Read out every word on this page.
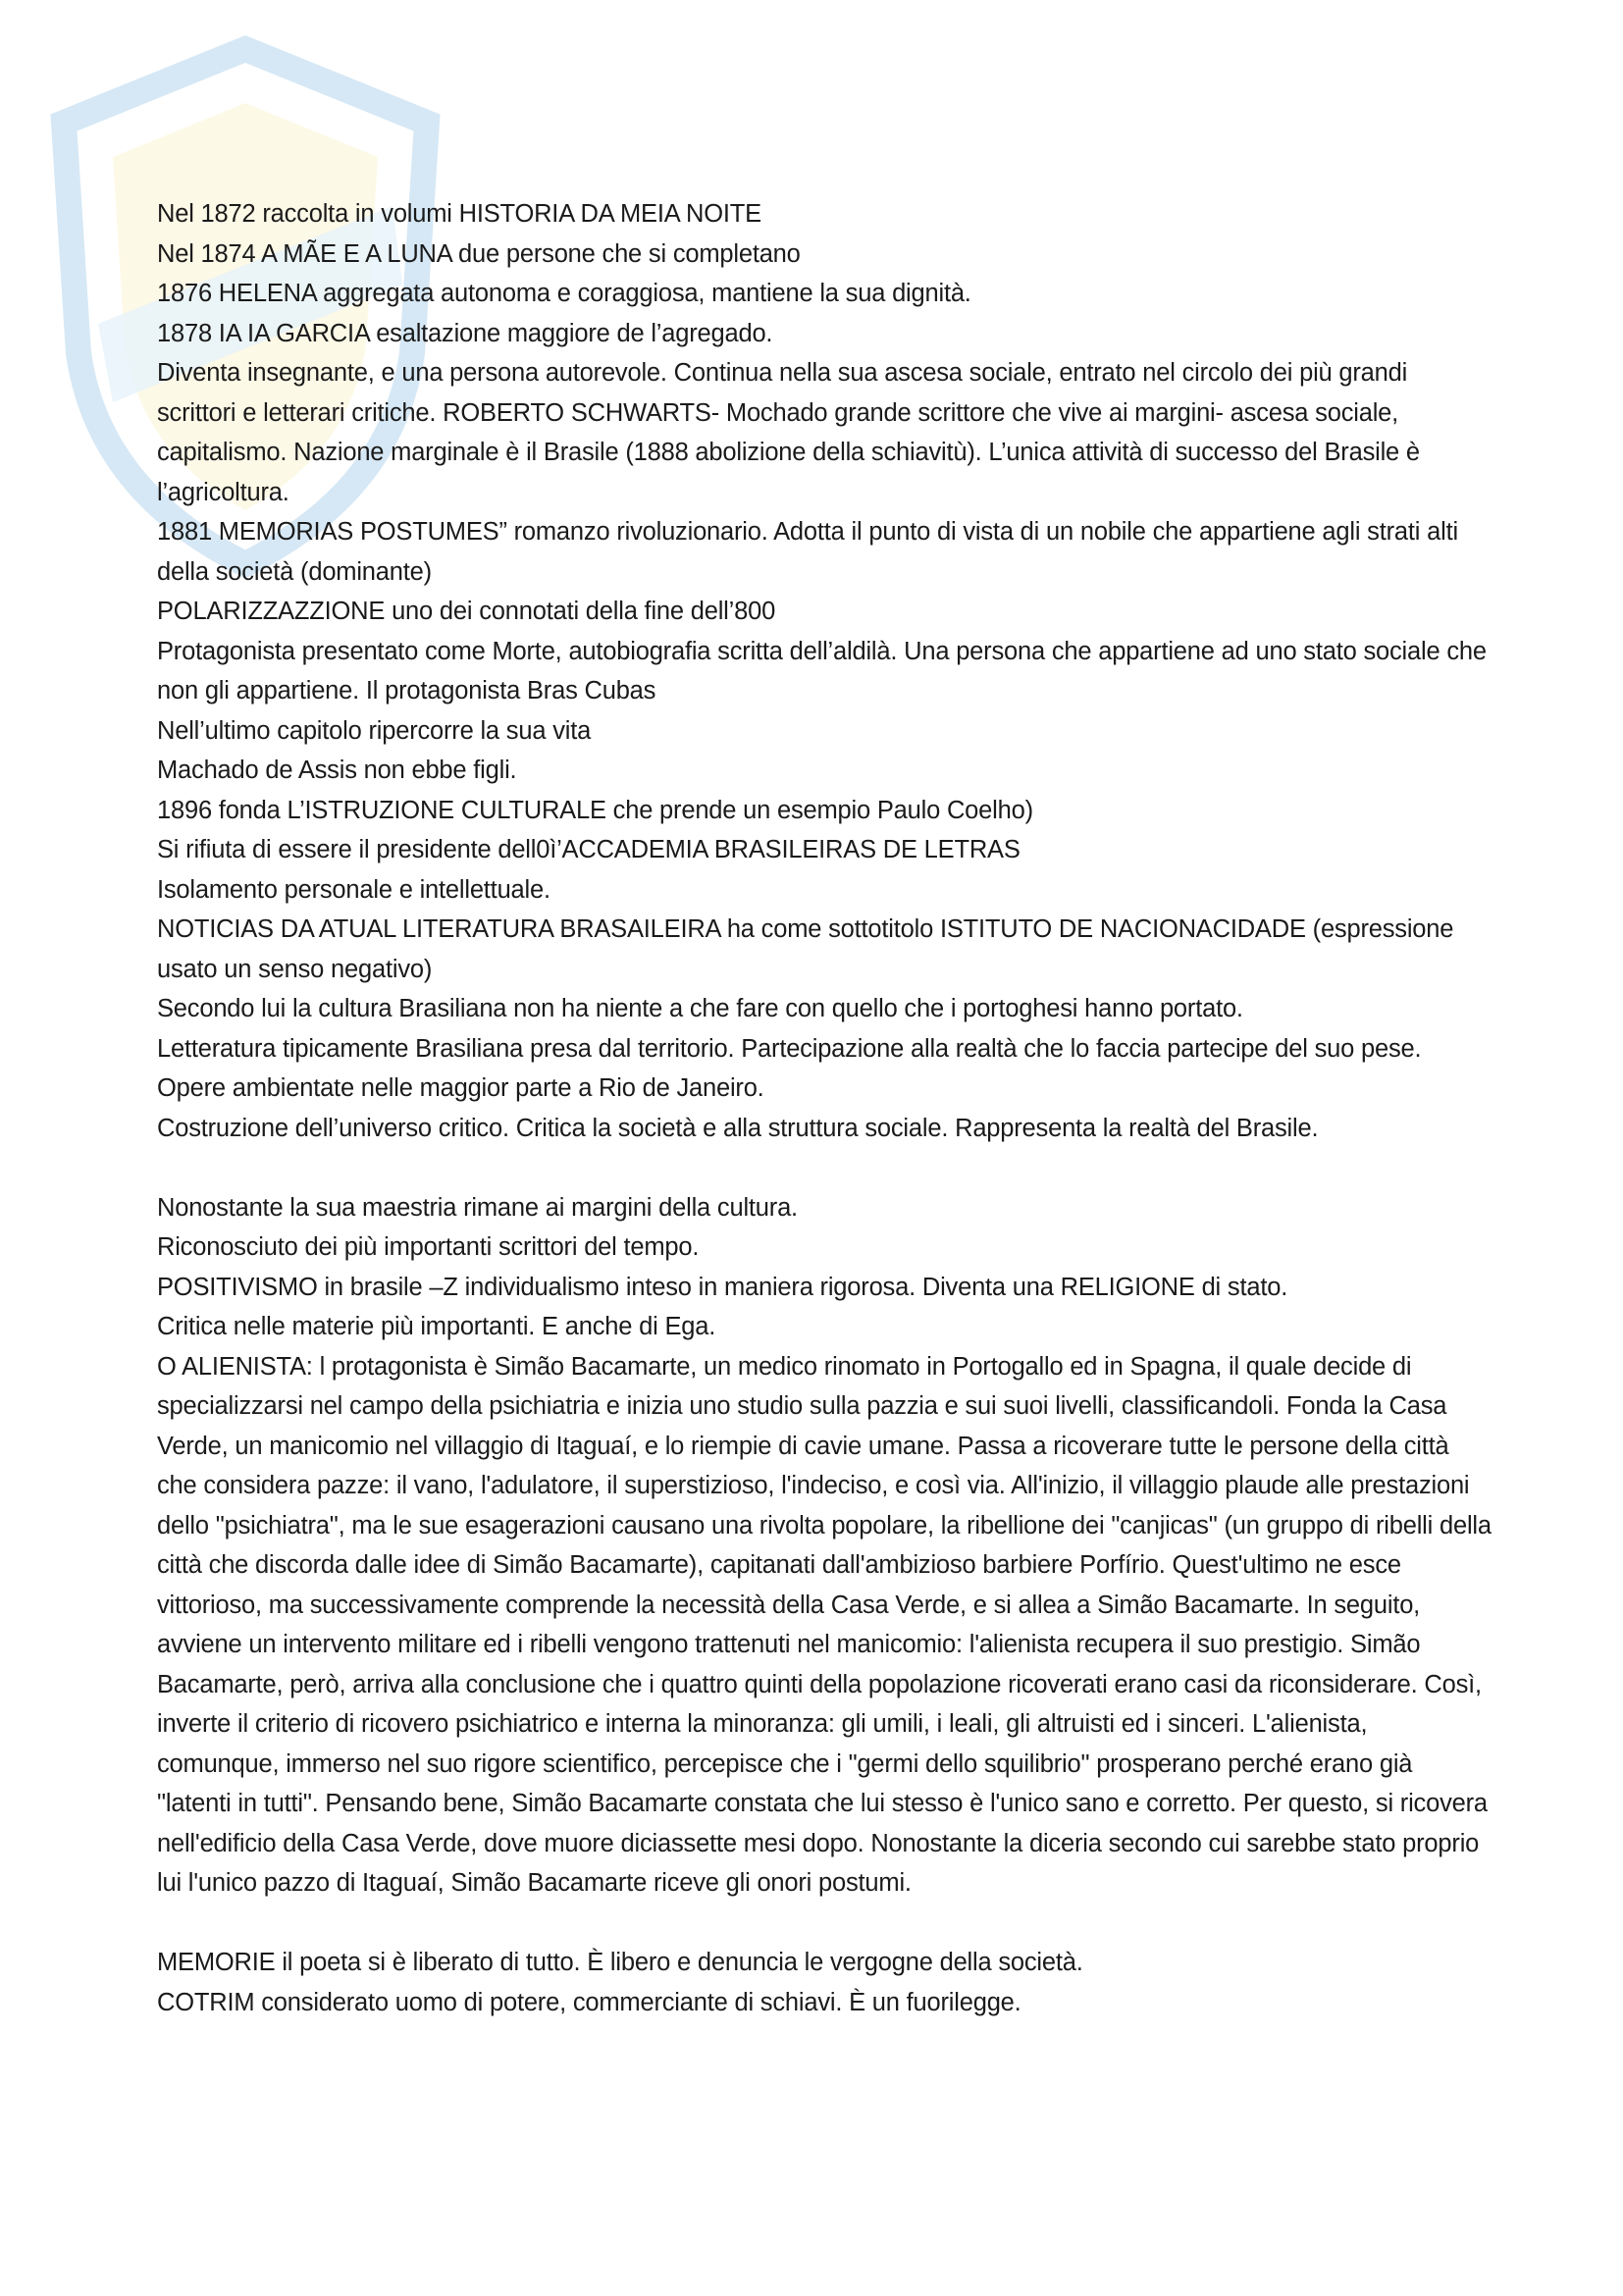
Nel 1872 raccolta in volumi HISTORIA DA MEIA NOITE

Nel 1874 A MÃE E A LUNA due persone che si completano

1876 HELENA aggregata autonoma e coraggiosa, mantiene la sua dignità.

1878 IA IA GARCIA esaltazione maggiore de l’agregado.

Diventa insegnante, e una persona autorevole. Continua nella sua ascesa sociale, entrato nel circolo dei più grandi scrittori e letterari critiche. ROBERTO SCHWARTS- Mochado grande scrittore che vive ai margini- ascesa sociale, capitalismo. Nazione marginale è il Brasile (1888 abolizione della schiavitù). L’unica attività di successo del Brasile è l’agricoltura.

1881 MEMORIAS POSTUMES” romanzo rivoluzionario. Adotta il punto di vista di un nobile che appartiene agli strati alti della società (dominante)

POLARIZZAZZIONE uno dei connotati della fine dell’800

Protagonista presentato come Morte, autobiografia scritta dell’aldilà. Una persona che appartiene ad uno stato sociale che non gli appartiene. Il protagonista Bras Cubas

Nell’ultimo capitolo ripercorre la sua vita

Machado de Assis non ebbe figli.

1896 fonda L’ISTRUZIONE CULTURALE che prende un esempio Paulo Coelho)

Si rifiuta di essere il presidente dell0ì’ACCADEMIA BRASILEIRAS DE LETRAS

Isolamento personale e intellettuale.

NOTICIAS DA ATUAL LITERATURA BRASAILEIRA ha come sottotitolo ISTITUTO DE NACIONACIDADE (espressione usato un senso negativo)

Secondo lui la cultura Brasiliana non ha niente a che fare con quello che i portoghesi hanno portato.

Letteratura tipicamente Brasiliana presa dal territorio. Partecipazione alla realtà che lo faccia partecipe del suo pese.

Opere ambientate nelle maggior parte a Rio de Janeiro.

Costruzione dell’universo critico. Critica la società e alla struttura sociale. Rappresenta la realtà del Brasile.

Nonostante la sua maestria rimane ai margini della cultura.

Riconosciuto dei più importanti scrittori del tempo.

POSITIVISMO in brasile –Z individualismo inteso in maniera rigorosa. Diventa una RELIGIONE di stato.

Critica nelle materie più importanti. E anche di Ega.

O ALIENISTA: l protagonista è Simão Bacamarte, un medico rinomato in Portogallo ed in Spagna, il quale decide di specializzarsi nel campo della psichiatria e inizia uno studio sulla pazzia e sui suoi livelli, classificandoli. Fonda la Casa Verde, un manicomio nel villaggio di Itaguaí, e lo riempie di cavie umane. Passa a ricoverare tutte le persone della città che considera pazze: il vano, l'adulatore, il superstizioso, l'indeciso, e così via. All'inizio, il villaggio plaude alle prestazioni dello "psichiatra", ma le sue esagerazioni causano una rivolta popolare, la ribellione dei "canjicas" (un gruppo di ribelli della città che discorda dalle idee di Simão Bacamarte), capitanati dall'ambizioso barbiere Porfírio. Quest'ultimo ne esce vittorioso, ma successivamente comprende la necessità della Casa Verde, e si allea a Simão Bacamarte. In seguito, avviene un intervento militare ed i ribelli vengono trattenuti nel manicomio: l'alienista recupera il suo prestigio. Simão Bacamarte, però, arriva alla conclusione che i quattro quinti della popolazione ricoverati erano casi da riconsiderare. Così, inverte il criterio di ricovero psichiatrico e interna la minoranza: gli umili, i leali, gli altruisti ed i sinceri. L'alienista, comunque, immerso nel suo rigore scientifico, percepisce che i "germi dello squilibrio" prosperano perché erano già "latenti in tutti". Pensando bene, Simão Bacamarte constata che lui stesso è l'unico sano e corretto. Per questo, si ricovera nell'edificio della Casa Verde, dove muore diciassette mesi dopo. Nonostante la diceria secondo cui sarebbe stato proprio lui l'unico pazzo di Itaguaí, Simão Bacamarte riceve gli onori postumi.

MEMORIE il poeta si è liberato di tutto. È libero e denuncia le vergogne della società.

COTRIM considerato uomo di potere, commerciante di schiavi. È un fuorilegge.
